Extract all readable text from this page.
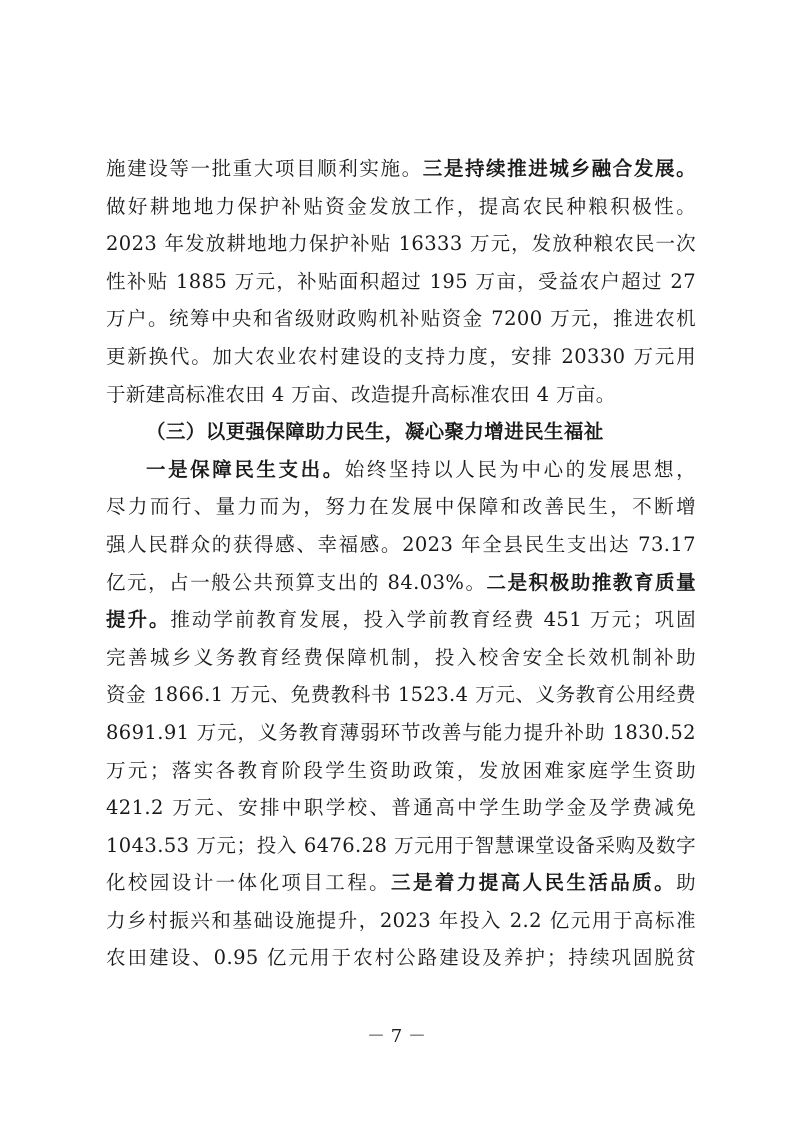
施建设等一批重大项目顺利实施。三是持续推进城乡融合发展。
做好耕地地力保护补贴资金发放工作，提高农民种粮积极性。
2023 年发放耕地地力保护补贴 16333 万元，发放种粮农民一次
性补贴 1885 万元，补贴面积超过 195 万亩，受益农户超过 27
万户。统筹中央和省级财政购机补贴资金 7200 万元，推进农机
更新换代。加大农业农村建设的支持力度，安排 20330 万元用
于新建高标准农田 4 万亩、改造提升高标准农田 4 万亩。
（三）以更强保障助力民生，凝心聚力增进民生福祉
一是保障民生支出。始终坚持以人民为中心的发展思想，
尽力而行、量力而为，努力在发展中保障和改善民生，不断增
强人民群众的获得感、幸福感。2023 年全县民生支出达 73.17
亿元，占一般公共预算支出的 84.03%。二是积极助推教育质量
提升。推动学前教育发展，投入学前教育经费 451 万元；巩固
完善城乡义务教育经费保障机制，投入校舍安全长效机制补助
资金 1866.1 万元、免费教科书 1523.4 万元、义务教育公用经费
8691.91 万元，义务教育薄弱环节改善与能力提升补助 1830.52
万元；落实各教育阶段学生资助政策，发放困难家庭学生资助
421.2 万元、安排中职学校、普通高中学生助学金及学费减免
1043.53 万元；投入 6476.28 万元用于智慧课堂设备采购及数字
化校园设计一体化项目工程。三是着力提高人民生活品质。助
力乡村振兴和基础设施提升，2023 年投入 2.2 亿元用于高标准
农田建设、0.95 亿元用于农村公路建设及养护；持续巩固脱贫
－ 7 －
